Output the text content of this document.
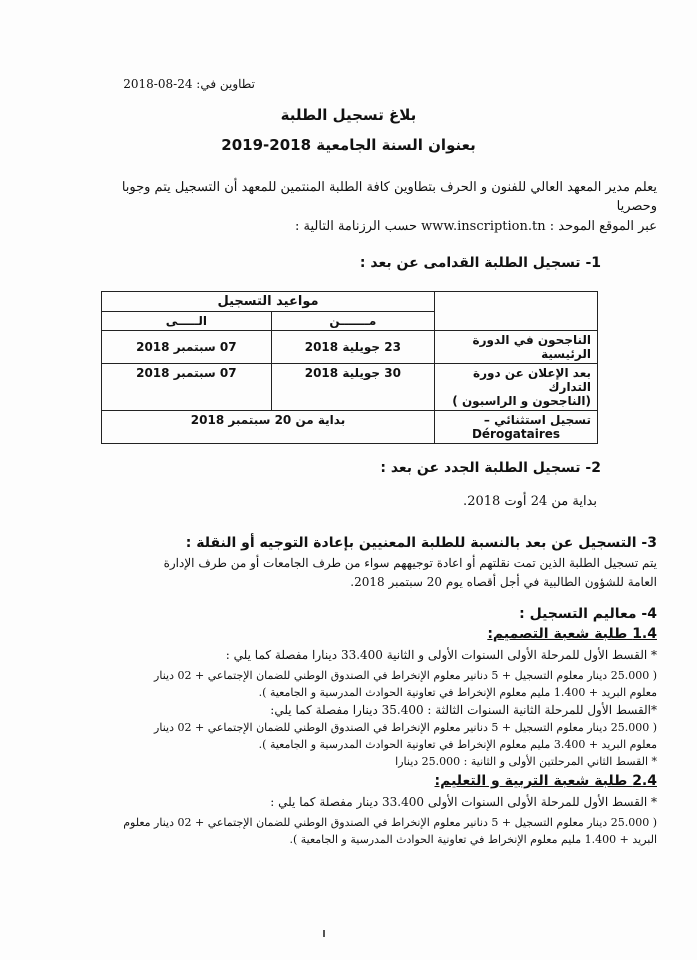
تطاوين في: 24-08-2018
بلاغ تسجيل الطلبة
بعنوان السنة الجامعية 2018-2019
يعلم مدير المعهد العالي للفنون و الحرف بتطاوين كافة الطلبة المنتمين للمعهد أن التسجيل يتم وجوبا
وحصريا
عبر الموقع الموحد : www.inscription.tn حسب الرزنامة التالية :
1- تسجيل الطلبة القدامى عن بعد :
	مواعيد التسجيل	
	مـــــــن	الـــــى
الناجحون في الدورة الرئيسية	23 جويلية 2018	07 سبتمبر 2018

بعد الإعلان عن دورة التدارك
(الناجحون و الراسبون )	30 جويلية 2018	07 سبتمبر 2018

تسجيل استثنائي –
Dérogataires	بداية من 20 سبتمبر 2018	
2- تسجيل الطلبة الجدد عن بعد :
بداية من 24 أوت 2018.
3- التسجيل عن بعد بالنسبة للطلبة المعنيين بإعادة التوجيه أو النقلة :
يتم تسجيل الطلبة الذين تمت نقلتهم أو اعادة توجيههم سواء من طرف الجامعات أو من طرف الإدارة
العامة للشؤون الطالبية في أجل أقصاه يوم 20 سبتمبر 2018.
4- معاليم التسجيل :
1.4 طلبة شعبة التصميم:
* القسط الأول للمرحلة الأولى السنوات الأولى و الثانية 33.400 دينارا مفصلة كما يلي :
( 25.000 دينار معلوم التسجيل + 5 دنانير معلوم الإنخراط في الصندوق الوطني للضمان الإجتماعي + 02 دينار
معلوم البريد + 1.400 مليم معلوم الإنخراط في تعاونية الحوادث المدرسية و الجامعية ).
*القسط الأول للمرحلة الثانية السنوات الثالثة : 35.400 دينارا مفصلة كما يلي:
( 25.000 دينار معلوم التسجيل + 5 دنانير معلوم الإنخراط في الصندوق الوطني للضمان الإجتماعي + 02 دينار
معلوم البريد + 3.400 مليم معلوم الإنخراط في تعاونية الحوادث المدرسية و الجامعية ).
* القسط الثاني المرحلتين الأولى و الثانية : 25.000 دينارا
2.4 طلبة شعبة التربية و التعليم:
* القسط الأول للمرحلة الأولى السنوات الأولى 33.400 دينار مفصلة كما يلي :
( 25.000 دينار معلوم التسجيل + 5 دنانير معلوم الإنخراط في الصندوق الوطني للضمان الإجتماعي + 02 دينار معلوم
البريد + 1.400 مليم معلوم الإنخراط في تعاونية الحوادث المدرسية و الجامعية ).
